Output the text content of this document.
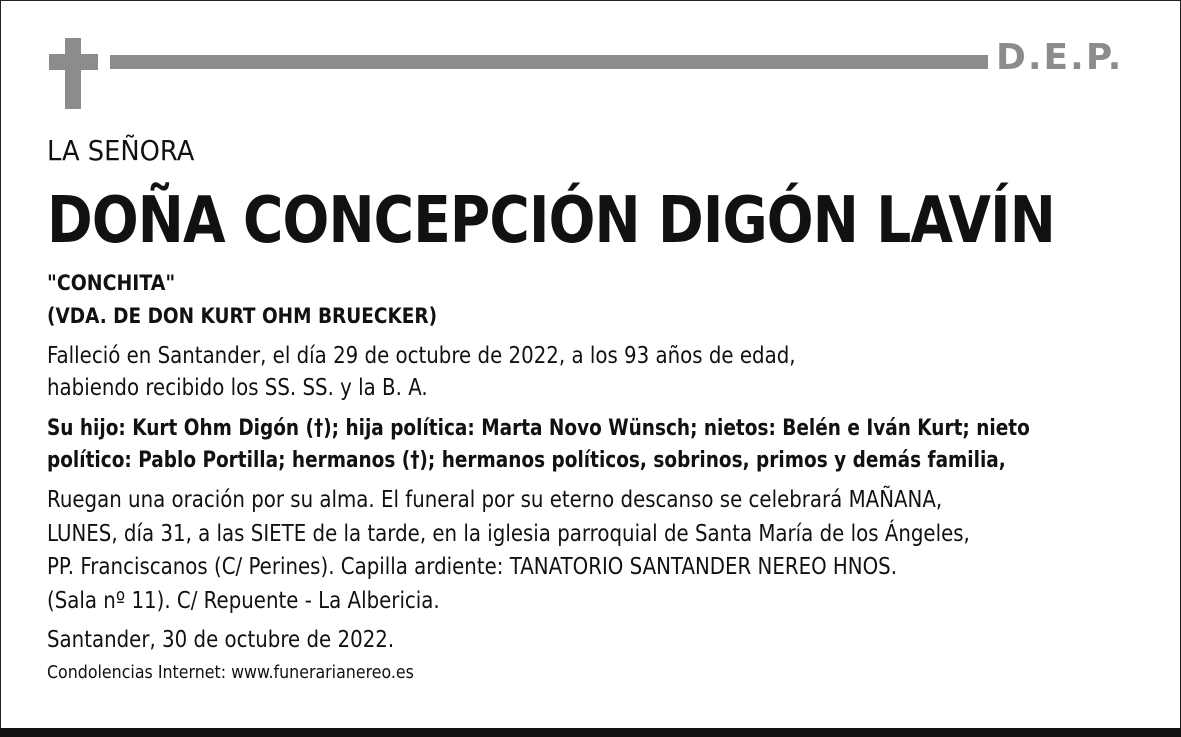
D.E.P.
LA SEÑORA
DOÑA CONCEPCIÓN DIGÓN LAVÍN
"CONCHITA"
(VDA. DE DON KURT OHM BRUECKER)
Falleció en Santander, el día 29 de octubre de 2022, a los 93 años de edad,
habiendo recibido los SS. SS. y la B. A.
Su hijo: Kurt Ohm Digón (†); hija política: Marta Novo Wünsch; nietos: Belén e Iván Kurt; nieto
político: Pablo Portilla; hermanos (†); hermanos políticos, sobrinos, primos y demás familia,
Ruegan una oración por su alma. El funeral por su eterno descanso se celebrará MAÑANA,
LUNES, día 31, a las SIETE de la tarde, en la iglesia parroquial de Santa María de los Ángeles,
PP. Franciscanos (C/ Perines). Capilla ardiente: TANATORIO SANTANDER NEREO HNOS.
(Sala nº 11). C/ Repuente - La Albericia.
Santander, 30 de octubre de 2022.
Condolencias Internet: www.funerarianereo.es
